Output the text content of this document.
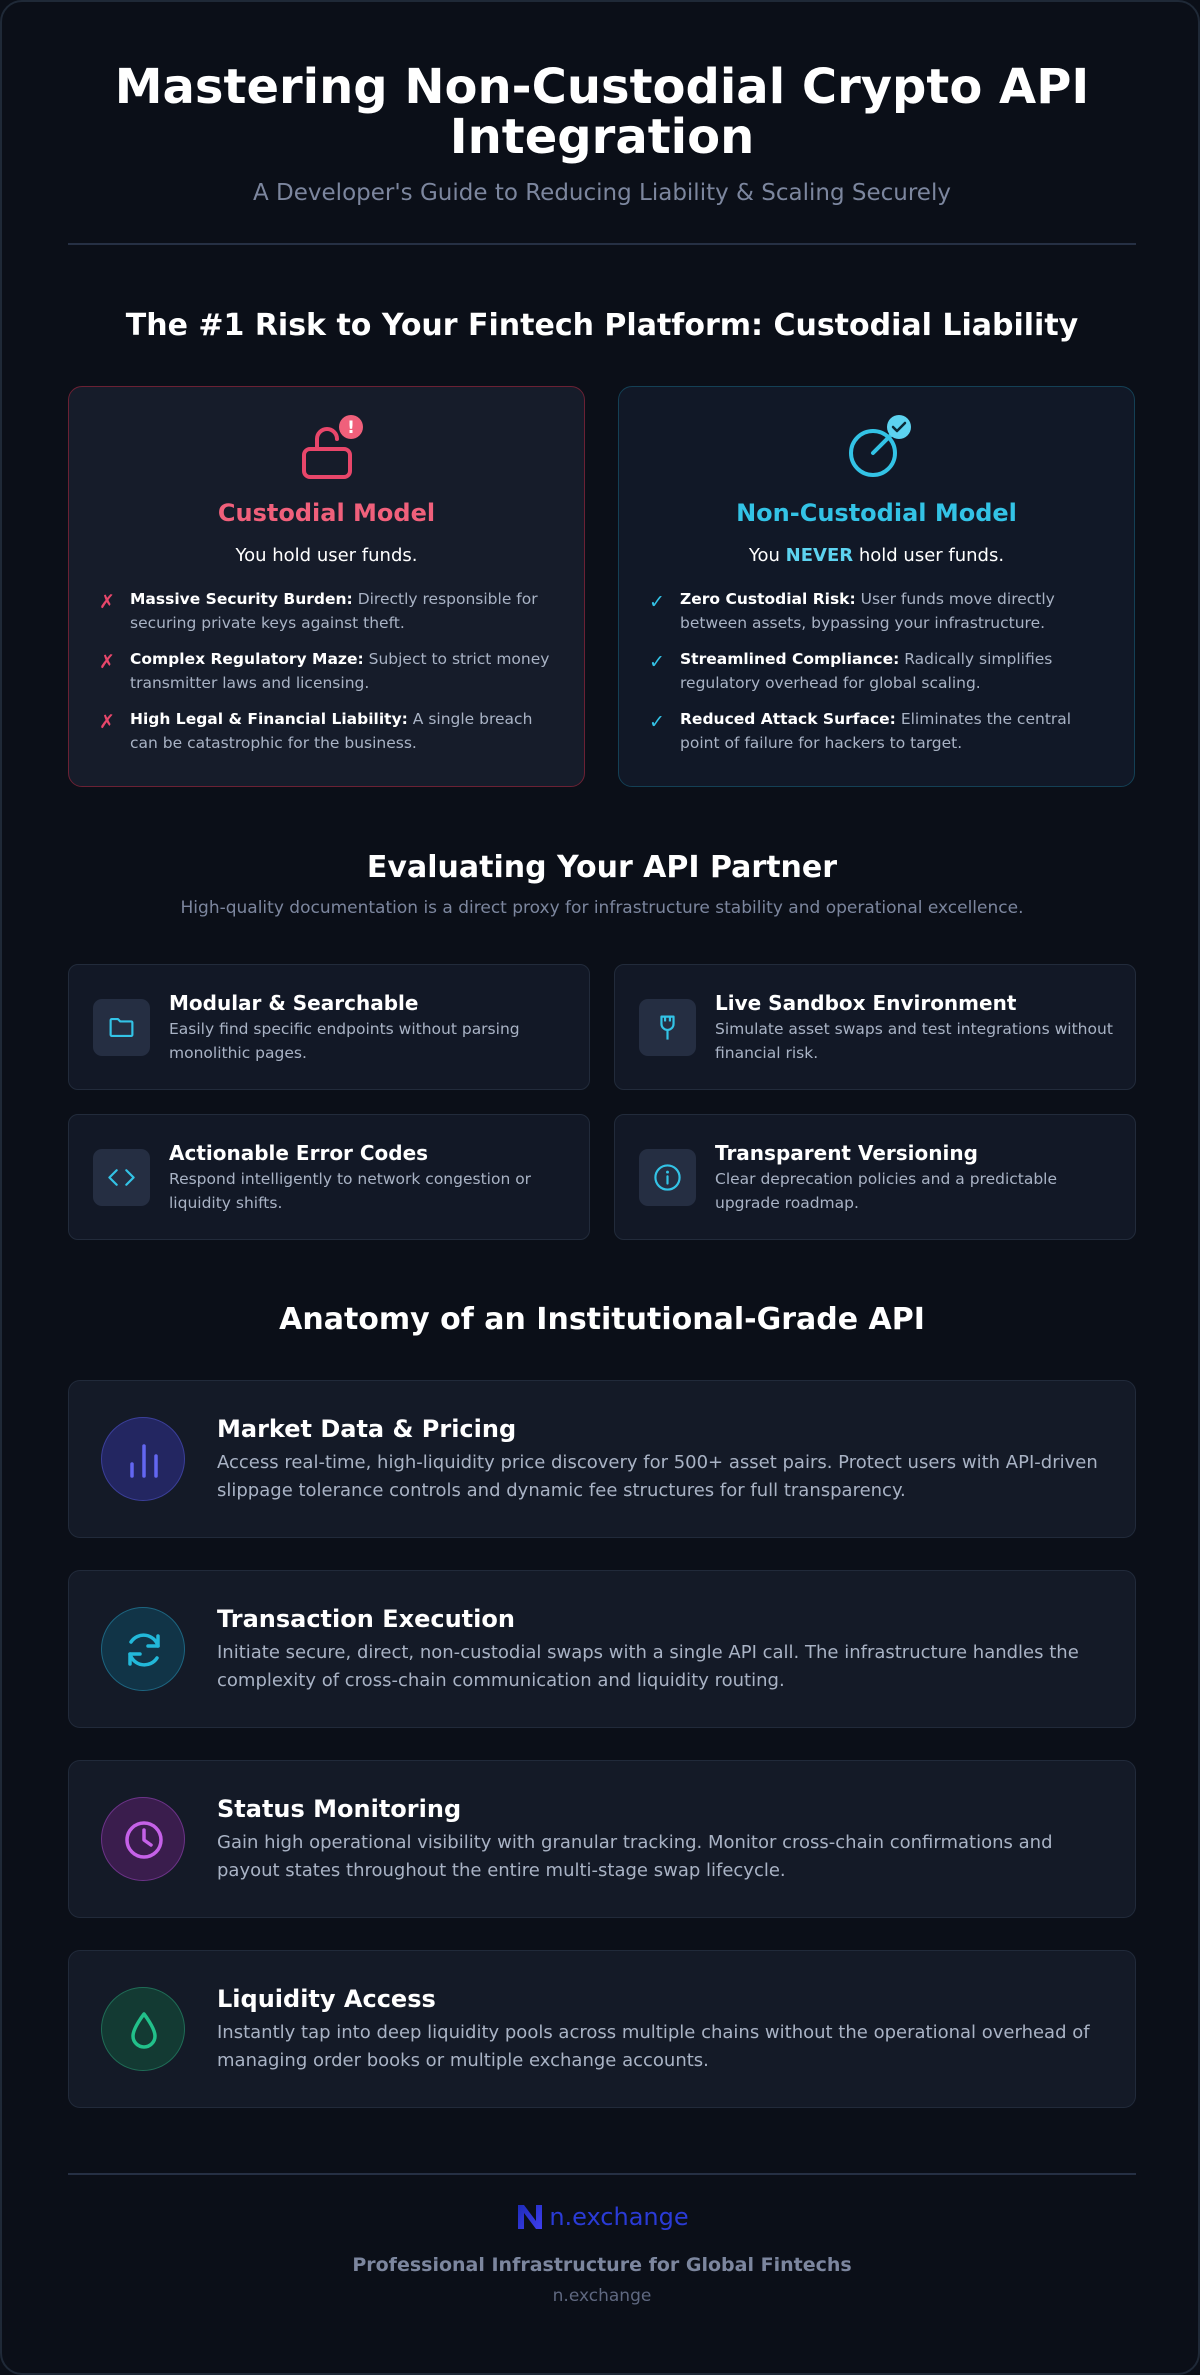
Mastering Non-Custodial Crypto API Integration
A Developer's Guide to Reducing Liability & Scaling Securely
The #1 Risk to Your Fintech Platform: Custodial Liability
!
Custodial Model
You hold user funds.
✗ Massive Security Burden: Directly responsible for securing private keys against theft.
✗ Complex Regulatory Maze: Subject to strict money transmitter laws and licensing.
✗ High Legal & Financial Liability: A single breach can be catastrophic for the business.
Non-Custodial Model
You NEVER hold user funds.
✓ Zero Custodial Risk: User funds move directly between assets, bypassing your infrastructure.
✓ Streamlined Compliance: Radically simplifies regulatory overhead for global scaling.
✓ Reduced Attack Surface: Eliminates the central point of failure for hackers to target.
Evaluating Your API Partner
High-quality documentation is a direct proxy for infrastructure stability and operational excellence.
Modular & Searchable
Easily find specific endpoints without parsing monolithic pages.
Live Sandbox Environment
Simulate asset swaps and test integrations without financial risk.
Actionable Error Codes
Respond intelligently to network congestion or liquidity shifts.
Transparent Versioning
Clear deprecation policies and a predictable upgrade roadmap.
Anatomy of an Institutional-Grade API
Market Data & Pricing
Access real-time, high-liquidity price discovery for 500+ asset pairs. Protect users with API-driven slippage tolerance controls and dynamic fee structures for full transparency.
Transaction Execution
Initiate secure, direct, non-custodial swaps with a single API call. The infrastructure handles the complexity of cross-chain communication and liquidity routing.
Status Monitoring
Gain high operational visibility with granular tracking. Monitor cross-chain confirmations and payout states throughout the entire multi-stage swap lifecycle.
Liquidity Access
Instantly tap into deep liquidity pools across multiple chains without the operational overhead of managing order books or multiple exchange accounts.
n.exchange
Professional Infrastructure for Global Fintechs
n.exchange
